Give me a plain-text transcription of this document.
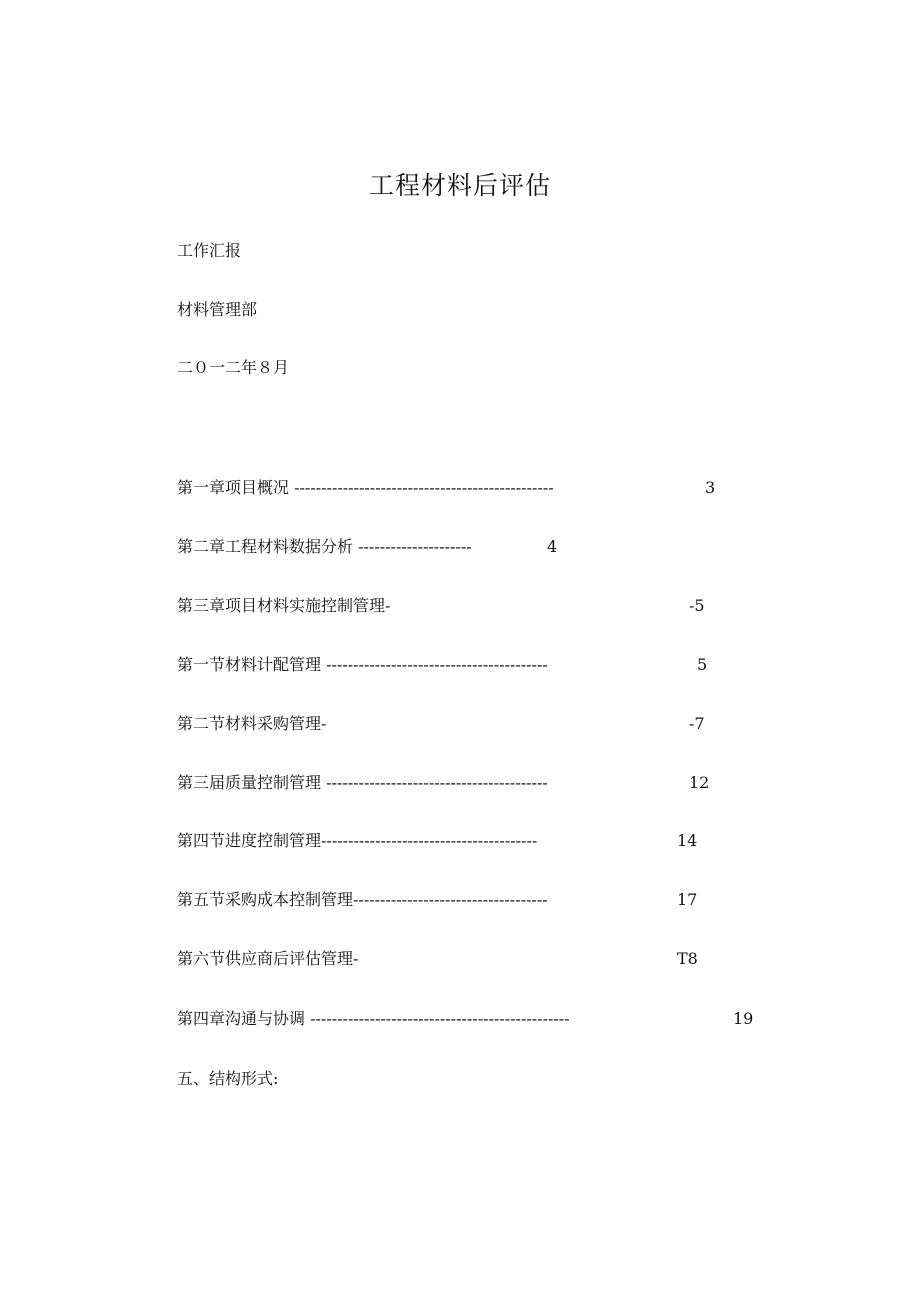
工程材料后评估
工作汇报
材料管理部
二０一二年８月
第一章项目概况 ------------------------------------------------	3
第二章工程材料数据分析 ---------------------	4
第三章项目材料实施控制管理-	-5
第一节材料计配管理 -----------------------------------------	5
第二节材料采购管理-	-7
第三届质量控制管理 -----------------------------------------	12
第四节进度控制管理----------------------------------------	14
第五节采购成本控制管理------------------------------------	17
第六节供应商后评估管理-	T8
第四章沟通与协调 ------------------------------------------------	19
五、结构形式:
